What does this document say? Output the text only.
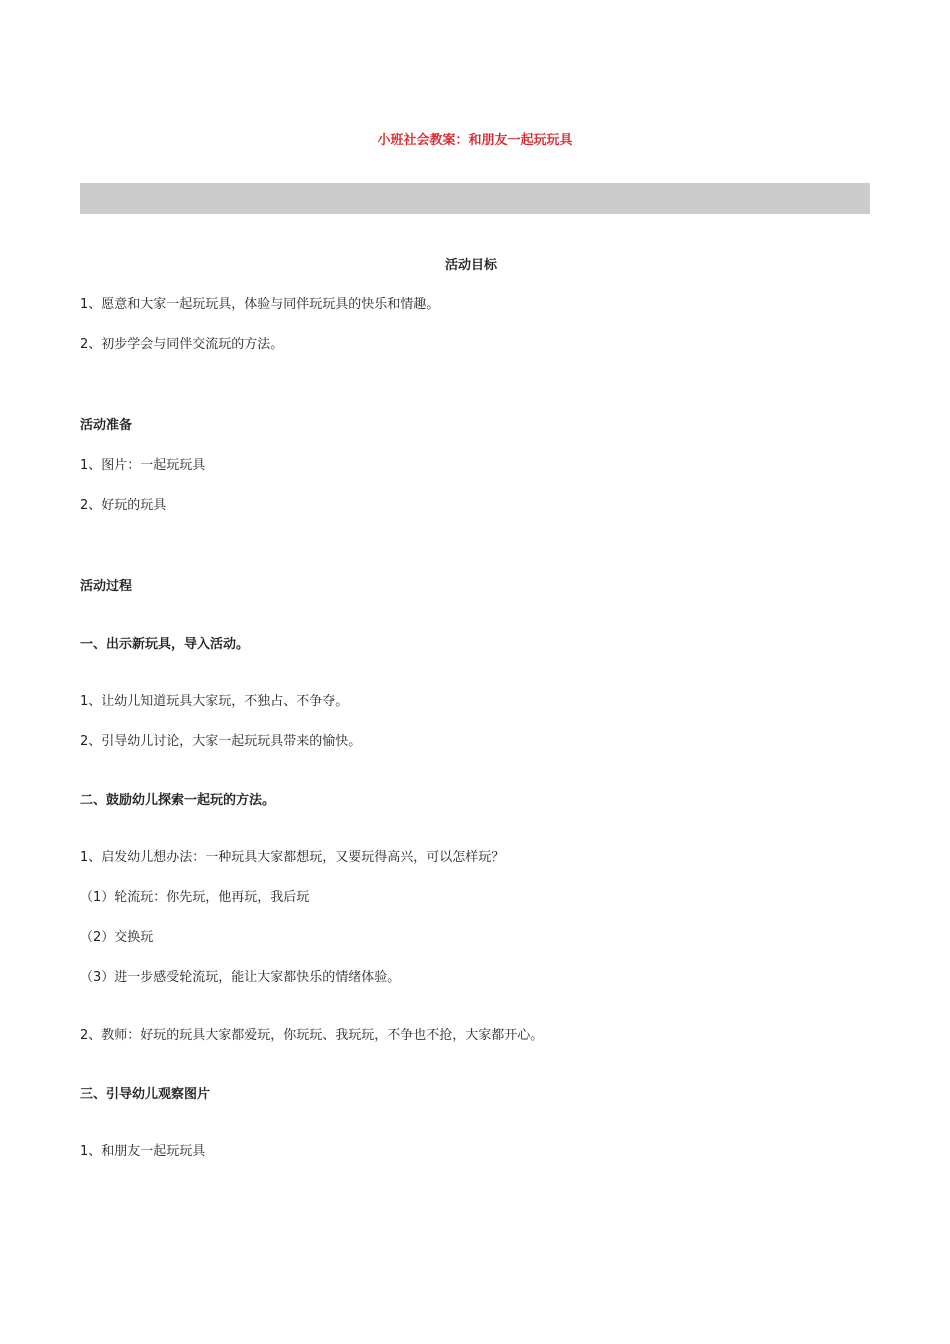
小班社会教案：和朋友一起玩玩具
活动目标
1、愿意和大家一起玩玩具，体验与同伴玩玩具的快乐和情趣。
2、初步学会与同伴交流玩的方法。
活动准备
1、图片：一起玩玩具
2、好玩的玩具
活动过程
一、出示新玩具，导入活动。
1、让幼儿知道玩具大家玩，不独占、不争夺。
2、引导幼儿讨论，大家一起玩玩具带来的愉快。
二、鼓励幼儿探索一起玩的方法。
1、启发幼儿想办法：一种玩具大家都想玩，又要玩得高兴，可以怎样玩？
（1）轮流玩：你先玩，他再玩，我后玩
（2）交换玩
（3）进一步感受轮流玩，能让大家都快乐的情绪体验。
2、教师：好玩的玩具大家都爱玩，你玩玩、我玩玩，不争也不抢，大家都开心。
三、引导幼儿观察图片
1、和朋友一起玩玩具
